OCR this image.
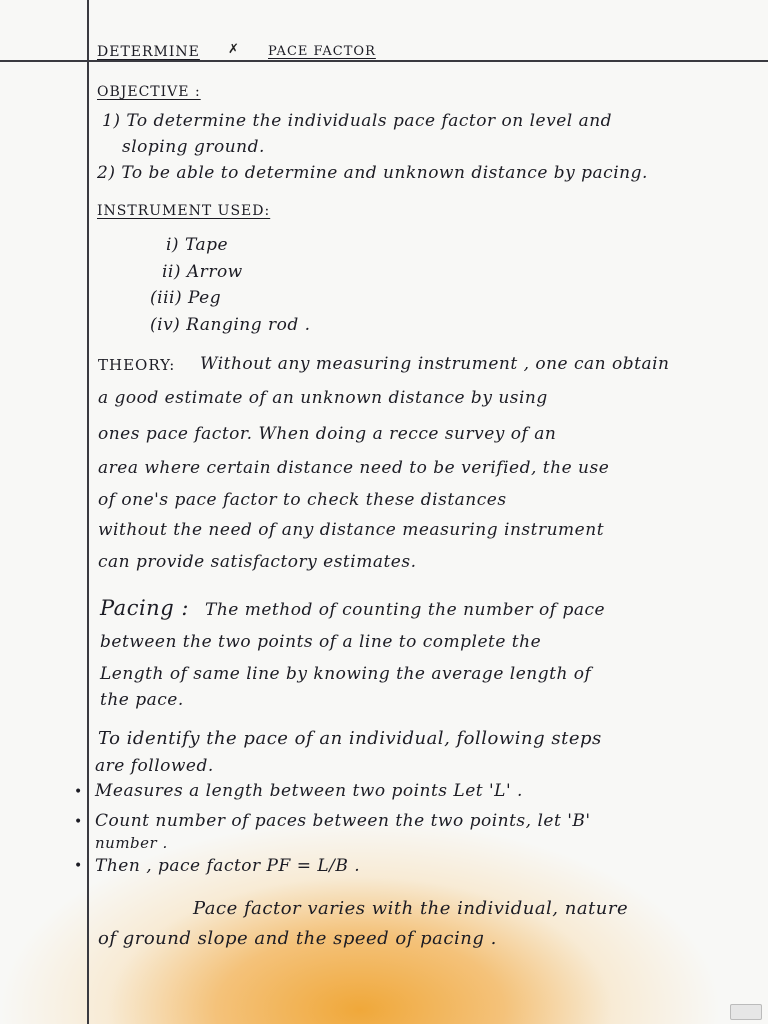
DETERMINE ✗ PACE FACTOR
OBJECTIVE :
1) To determine the individuals pace factor on level and
sloping ground.
2) To be able to determine and unknown distance by pacing.
INSTRUMENT USED:
i) Tape
ii) Arrow
(iii) Peg
(iv) Ranging rod .
THEORY: Without any measuring instrument , one can obtain
a good estimate of an unknown distance by using
ones pace factor. When doing a recce survey of an
area where certain distance need to be verified, the use
of one's pace factor to check these distances
without the need of any distance measuring instrument
can provide satisfactory estimates.
Pacing : The method of counting the number of pace
between the two points of a line to complete the
Length of same line by knowing the average length of
the pace.
To identify the pace of an individual, following steps
are followed.
• Measures a length between two points Let 'L' .
• Count number of paces between the two points, let 'B'
number .
• Then , pace factor PF = L/B .
Pace factor varies with the individual, nature
of ground slope and the speed of pacing .
